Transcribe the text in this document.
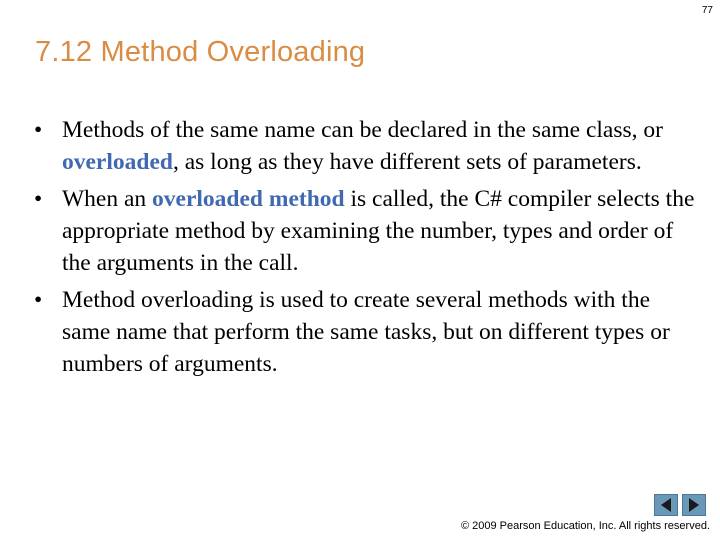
77
7.12 Method Overloading
• Methods of the same name can be declared in the same class, or overloaded, as long as they have different sets of parameters.
• When an overloaded method is called, the C# compiler selects the appropriate method by examining the number, types and order of the arguments in the call.
• Method overloading is used to create several methods with the same name that perform the same tasks, but on different types or numbers of arguments.
© 2009 Pearson Education, Inc. All rights reserved.
